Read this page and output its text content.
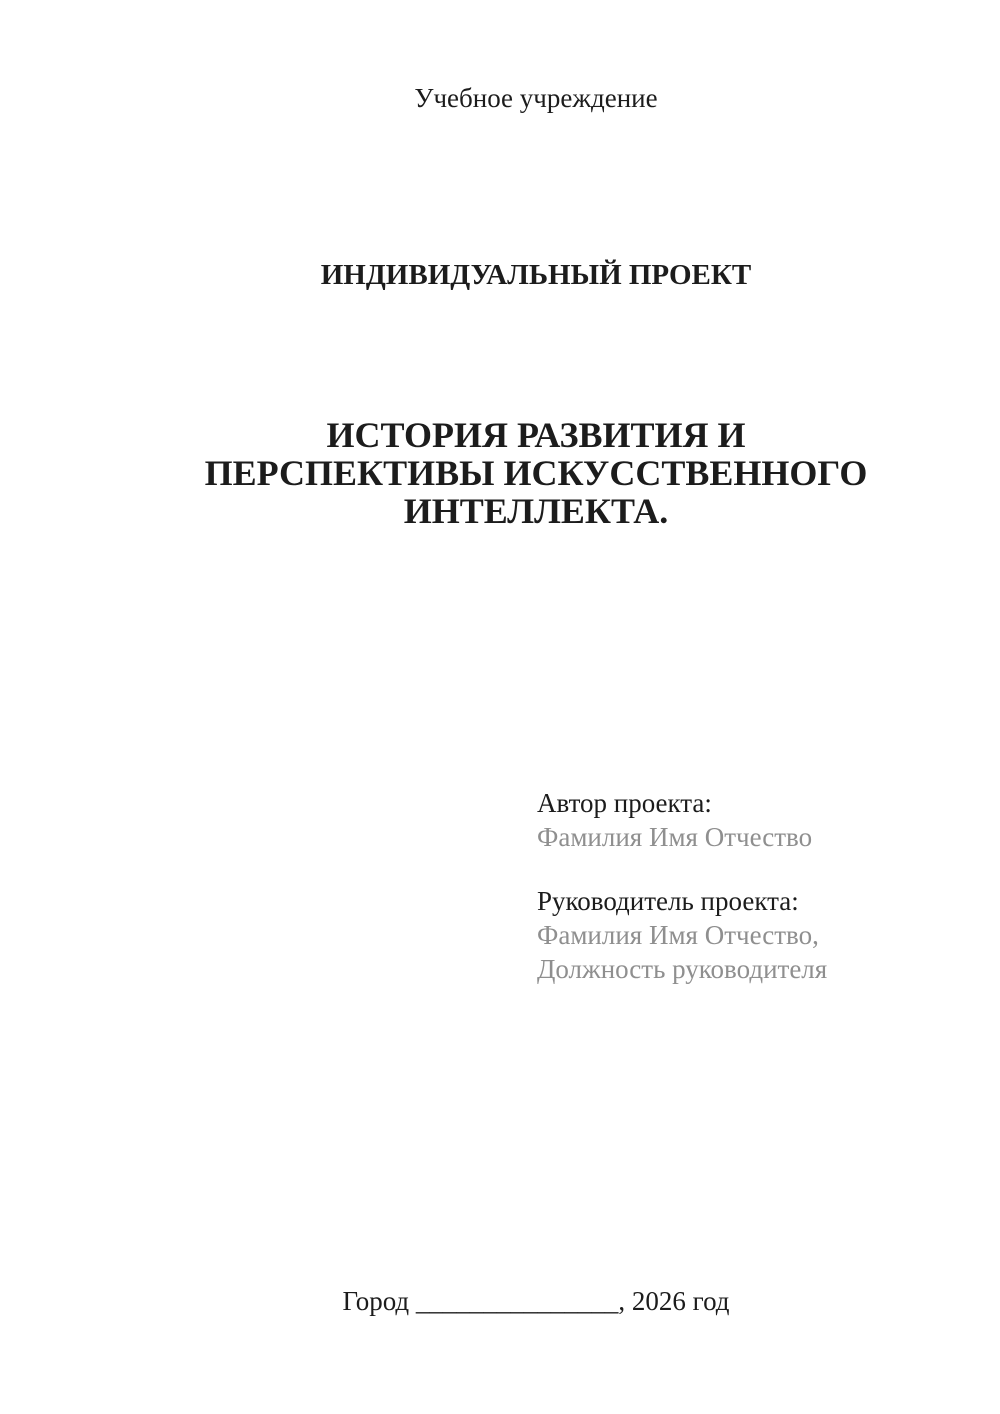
Учебное учреждение
ИНДИВИДУАЛЬНЫЙ ПРОЕКТ
ИСТОРИЯ РАЗВИТИЯ И
ПЕРСПЕКТИВЫ ИСКУССТВЕННОГО
ИНТЕЛЛЕКТА.
Автор проекта:
Фамилия Имя Отчество
Руководитель проекта:
Фамилия Имя Отчество,
Должность руководителя
Город _______________, 2026 год
